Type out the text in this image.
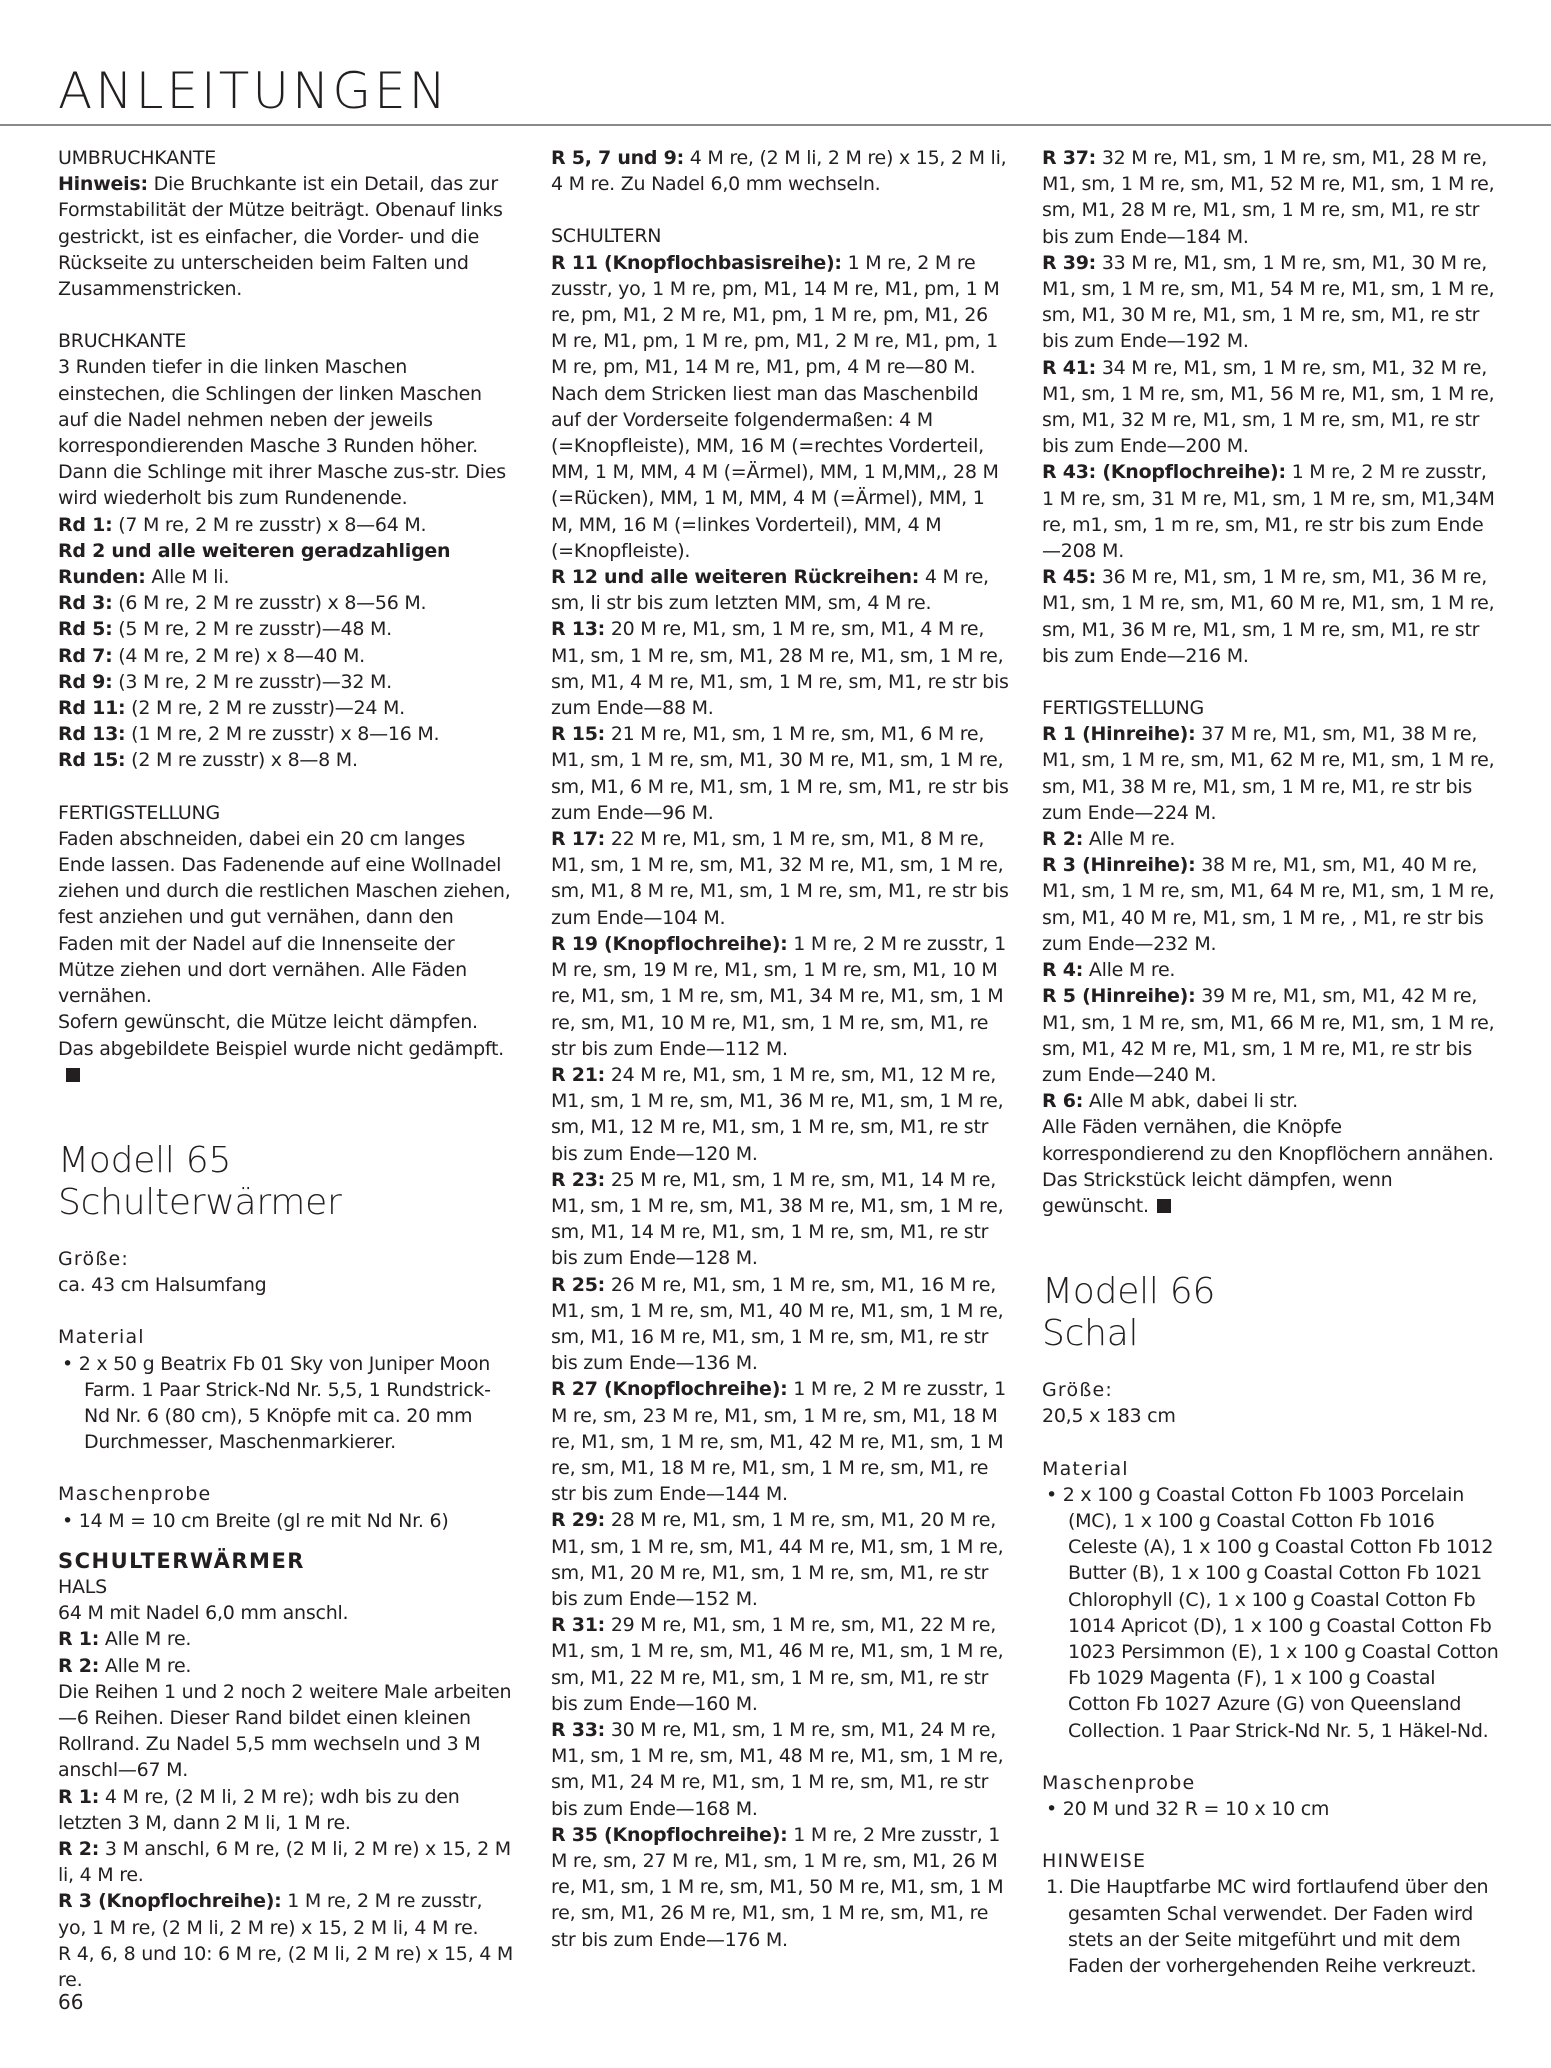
ANLEITUNGEN

UMBRUCHKANTE

Hinweis: Die Bruchkante ist ein Detail, das zur Formstabilität der Mütze beiträgt. Obenauf links gestrickt, ist es einfacher, die Vorder- und die Rückseite zu unterscheiden beim Falten und Zusammenstricken.

BRUCHKANTE

3 Runden tiefer in die linken Maschen einstechen, die Schlingen der linken Maschen auf die Nadel nehmen neben der jeweils korrespondierenden Masche 3 Runden höher. Dann die Schlinge mit ihrer Masche zus-str. Dies wird wiederholt bis zum Rundenende.

Rd 1: (7 M re, 2 M re zusstr) x 8—64 M.

Rd 2 und alle weiteren geradzahligen Runden: Alle M li.

Rd 3: (6 M re, 2 M re zusstr) x 8—56 M.

Rd 5: (5 M re, 2 M re zusstr)—48 M.

Rd 7: (4 M re, 2 M re) x 8—40 M.

Rd 9: (3 M re, 2 M re zusstr)—32 M.

Rd 11: (2 M re, 2 M re zusstr)—24 M.

Rd 13: (1 M re, 2 M re zusstr) x 8—16 M.

Rd 15: (2 M re zusstr) x 8—8 M.

FERTIGSTELLUNG

Faden abschneiden, dabei ein 20 cm langes Ende lassen. Das Fadenende auf eine Wollnadel ziehen und durch die restlichen Maschen ziehen, fest anziehen und gut vernähen, dann den Faden mit der Nadel auf die Innenseite der Mütze ziehen und dort vernähen. Alle Fäden vernähen.

Sofern gewünscht, die Mütze leicht dämpfen. Das abgebildete Beispiel wurde nicht gedämpft.

Modell 65

Schulterwärmer

Größe:

ca. 43 cm Halsumfang

Material

• 2 x 50 g Beatrix Fb 01 Sky von Juniper Moon Farm. 1 Paar Strick-Nd Nr. 5,5, 1 Rundstrick-Nd Nr. 6 (80 cm), 5 Knöpfe mit ca. 20 mm Durchmesser, Maschenmarkierer.

Maschenprobe

• 14 M = 10 cm Breite (gl re mit Nd Nr. 6)

SCHULTERWÄRMER

HALS

64 M mit Nadel 6,0 mm anschl.

R 1: Alle M re.

R 2: Alle M re.

Die Reihen 1 und 2 noch 2 weitere Male arbeiten—6 Reihen. Dieser Rand bildet einen kleinen Rollrand. Zu Nadel 5,5 mm wechseln und 3 M anschl—67 M.

R 1: 4 M re, (2 M li, 2 M re); wdh bis zu den letzten 3 M, dann 2 M li, 1 M re.

R 2: 3 M anschl, 6 M re, (2 M li, 2 M re) x 15, 2 M li, 4 M re.

R 3 (Knopflochreihe): 1 M re, 2 M re zusstr, yo, 1 M re, (2 M li, 2 M re) x 15, 2 M li, 4 M re.

R 4, 6, 8 und 10: 6 M re, (2 M li, 2 M re) x 15, 4 M re.

R 5, 7 und 9: 4 M re, (2 M li, 2 M re) x 15, 2 M li, 4 M re. Zu Nadel 6,0 mm wechseln.

SCHULTERN

R 11 (Knopflochbasisreihe): 1 M re, 2 M re zusstr, yo, 1 M re, pm, M1, 14 M re, M1, pm, 1 M re, pm, M1, 2 M re, M1, pm, 1 M re, pm, M1, 26 M re, M1, pm, 1 M re, pm, M1, 2 M re, M1, pm, 1 M re, pm, M1, 14 M re, M1, pm, 4 M re—80 M.

Nach dem Stricken liest man das Maschenbild auf der Vorderseite folgendermaßen: 4 M (=Knopfleiste), MM, 16 M (=rechtes Vorderteil, MM, 1 M, MM, 4 M (=Ärmel), MM, 1 M,MM,, 28 M (=Rücken), MM, 1 M, MM, 4 M (=Ärmel), MM, 1 M, MM, 16 M (=linkes Vorderteil), MM, 4 M (=Knopfleiste).

R 12 und alle weiteren Rückreihen: 4 M re, sm, li str bis zum letzten MM, sm, 4 M re.

R 13: 20 M re, M1, sm, 1 M re, sm, M1, 4 M re, M1, sm, 1 M re, sm, M1, 28 M re, M1, sm, 1 M re, sm, M1, 4 M re, M1, sm, 1 M re, sm, M1, re str bis zum Ende—88 M.

R 15: 21 M re, M1, sm, 1 M re, sm, M1, 6 M re, M1, sm, 1 M re, sm, M1, 30 M re, M1, sm, 1 M re, sm, M1, 6 M re, M1, sm, 1 M re, sm, M1, re str bis zum Ende—96 M.

R 17: 22 M re, M1, sm, 1 M re, sm, M1, 8 M re, M1, sm, 1 M re, sm, M1, 32 M re, M1, sm, 1 M re, sm, M1, 8 M re, M1, sm, 1 M re, sm, M1, re str bis zum Ende—104 M.

R 19 (Knopflochreihe): 1 M re, 2 M re zusstr, 1 M re, sm, 19 M re, M1, sm, 1 M re, sm, M1, 10 M re, M1, sm, 1 M re, sm, M1, 34 M re, M1, sm, 1 M re, sm, M1, 10 M re, M1, sm, 1 M re, sm, M1, re str bis zum Ende—112 M.

R 21: 24 M re, M1, sm, 1 M re, sm, M1, 12 M re, M1, sm, 1 M re, sm, M1, 36 M re, M1, sm, 1 M re, sm, M1, 12 M re, M1, sm, 1 M re, sm, M1, re str bis zum Ende—120 M.

R 23: 25 M re, M1, sm, 1 M re, sm, M1, 14 M re, M1, sm, 1 M re, sm, M1, 38 M re, M1, sm, 1 M re, sm, M1, 14 M re, M1, sm, 1 M re, sm, M1, re str bis zum Ende—128 M.

R 25: 26 M re, M1, sm, 1 M re, sm, M1, 16 M re, M1, sm, 1 M re, sm, M1, 40 M re, M1, sm, 1 M re, sm, M1, 16 M re, M1, sm, 1 M re, sm, M1, re str bis zum Ende—136 M.

R 27 (Knopflochreihe): 1 M re, 2 M re zusstr, 1 M re, sm, 23 M re, M1, sm, 1 M re, sm, M1, 18 M re, M1, sm, 1 M re, sm, M1, 42 M re, M1, sm, 1 M re, sm, M1, 18 M re, M1, sm, 1 M re, sm, M1, re str bis zum Ende—144 M.

R 29: 28 M re, M1, sm, 1 M re, sm, M1, 20 M re, M1, sm, 1 M re, sm, M1, 44 M re, M1, sm, 1 M re, sm, M1, 20 M re, M1, sm, 1 M re, sm, M1, re str bis zum Ende—152 M.

R 31: 29 M re, M1, sm, 1 M re, sm, M1, 22 M re, M1, sm, 1 M re, sm, M1, 46 M re, M1, sm, 1 M re, sm, M1, 22 M re, M1, sm, 1 M re, sm, M1, re str bis zum Ende—160 M.

R 33: 30 M re, M1, sm, 1 M re, sm, M1, 24 M re, M1, sm, 1 M re, sm, M1, 48 M re, M1, sm, 1 M re, sm, M1, 24 M re, M1, sm, 1 M re, sm, M1, re str bis zum Ende—168 M.

R 35 (Knopflochreihe): 1 M re, 2 Mre zusstr, 1 M re, sm, 27 M re, M1, sm, 1 M re, sm, M1, 26 M re, M1, sm, 1 M re, sm, M1, 50 M re, M1, sm, 1 M re, sm, M1, 26 M re, M1, sm, 1 M re, sm, M1, re str bis zum Ende—176 M.

R 37: 32 M re, M1, sm, 1 M re, sm, M1, 28 M re, M1, sm, 1 M re, sm, M1, 52 M re, M1, sm, 1 M re, sm, M1, 28 M re, M1, sm, 1 M re, sm, M1, re str bis zum Ende—184 M.

R 39: 33 M re, M1, sm, 1 M re, sm, M1, 30 M re, M1, sm, 1 M re, sm, M1, 54 M re, M1, sm, 1 M re, sm, M1, 30 M re, M1, sm, 1 M re, sm, M1, re str bis zum Ende—192 M.

R 41: 34 M re, M1, sm, 1 M re, sm, M1, 32 M re, M1, sm, 1 M re, sm, M1, 56 M re, M1, sm, 1 M re, sm, M1, 32 M re, M1, sm, 1 M re, sm, M1, re str bis zum Ende—200 M.

R 43: (Knopflochreihe): 1 M re, 2 M re zusstr, 1 M re, sm, 31 M re, M1, sm, 1 M re, sm, M1,34M re, m1, sm, 1 m re, sm, M1, re str bis zum Ende—208 M.

R 45: 36 M re, M1, sm, 1 M re, sm, M1, 36 M re, M1, sm, 1 M re, sm, M1, 60 M re, M1, sm, 1 M re, sm, M1, 36 M re, M1, sm, 1 M re, sm, M1, re str bis zum Ende—216 M.

FERTIGSTELLUNG

R 1 (Hinreihe): 37 M re, M1, sm, M1, 38 M re, M1, sm, 1 M re, sm, M1, 62 M re, M1, sm, 1 M re, sm, M1, 38 M re, M1, sm, 1 M re, M1, re str bis zum Ende—224 M.

R 2: Alle M re.

R 3 (Hinreihe): 38 M re, M1, sm, M1, 40 M re, M1, sm, 1 M re, sm, M1, 64 M re, M1, sm, 1 M re, sm, M1, 40 M re, M1, sm, 1 M re, , M1, re str bis zum Ende—232 M.

R 4: Alle M re.

R 5 (Hinreihe): 39 M re, M1, sm, M1, 42 M re, M1, sm, 1 M re, sm, M1, 66 M re, M1, sm, 1 M re, sm, M1, 42 M re, M1, sm, 1 M re, M1, re str bis zum Ende—240 M.

R 6: Alle M abk, dabei li str.

Alle Fäden vernähen, die Knöpfe korrespondierend zu den Knopflöchern annähen. Das Strickstück leicht dämpfen, wenn gewünscht.

Modell 66

Schal

Größe:

20,5 x 183 cm

Material

• 2 x 100 g Coastal Cotton Fb 1003 Porcelain (MC), 1 x 100 g Coastal Cotton Fb 1016 Celeste (A), 1 x 100 g Coastal Cotton Fb 1012 Butter (B), 1 x 100 g Coastal Cotton Fb 1021 Chlorophyll (C), 1 x 100 g Coastal Cotton Fb 1014 Apricot (D), 1 x 100 g Coastal Cotton Fb 1023 Persimmon (E), 1 x 100 g Coastal Cotton Fb 1029 Magenta (F), 1 x 100 g Coastal Cotton Fb 1027 Azure (G) von Queensland Collection. 1 Paar Strick-Nd Nr. 5, 1 Häkel-Nd.

Maschenprobe

• 20 M und 32 R = 10 x 10 cm

HINWEISE

1. Die Hauptfarbe MC wird fortlaufend über den gesamten Schal verwendet. Der Faden wird stets an der Seite mitgeführt und mit dem Faden der vorhergehenden Reihe verkreuzt.

66
